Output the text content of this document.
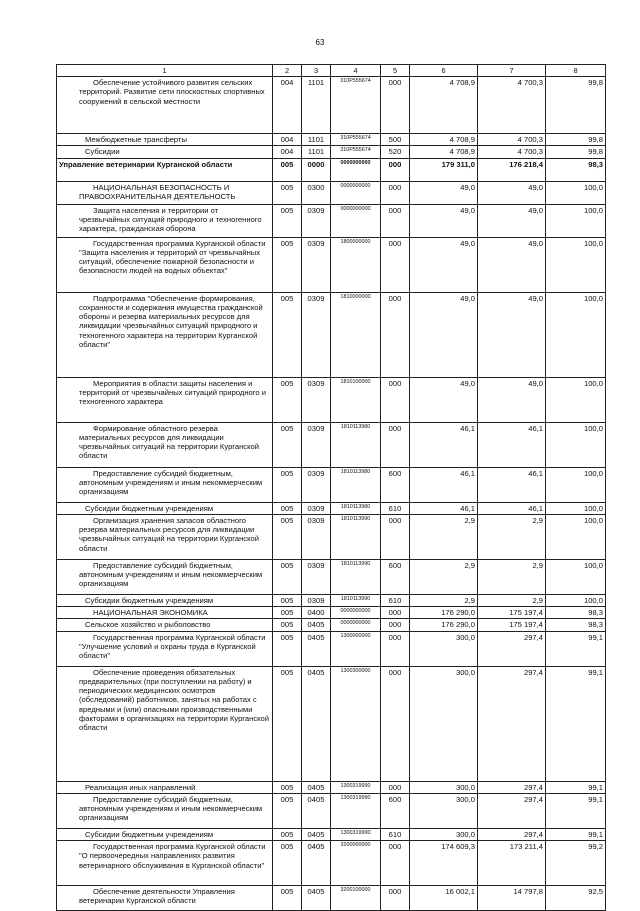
63
1	2	3	4	5	6	7	8
Обеспечение устойчивого развития сельских территорий. Развитие сети плоскостных спортивных сооружений в сельской местности	004	1101	310P555674	000	4 708,9	4 700,3	99,8
Межбюджетные трансферты	004	1101	310P555674	500	4 708,9	4 700,3	99,8
Субсидии	004	1101	310P555674	520	4 708,9	4 700,3	99,8
Управление ветеринарии Курганской области	005	0000	0000000000	000	179 311,0	176 218,4	98,3
НАЦИОНАЛЬНАЯ БЕЗОПАСНОСТЬ И ПРАВООХРАНИТЕЛЬНАЯ ДЕЯТЕЛЬНОСТЬ	005	0300	0000000000	000	49,0	49,0	100,0
Защита населения и территории от чрезвычайных ситуаций природного и техногенного характера, гражданская оборона	005	0309	0000000000	000	49,0	49,0	100,0
Государственная программа Курганской области "Защита населения и территорий от чрезвычайных ситуаций, обеспечение пожарной безопасности и безопасности людей на водных объектах"	005	0309	1800000000	000	49,0	49,0	100,0
Подпрограмма "Обеспечение формирования, сохранности и содержания имущества гражданской обороны и резерва материальных ресурсов для ликвидации чрезвычайных ситуаций природного и техногенного характера на территории Курганской области"	005	0309	1810000000	000	49,0	49,0	100,0
Мероприятия в области защиты населения и территорий от чрезвычайных ситуаций природного и техногенного характера	005	0309	1810100000	000	49,0	49,0	100,0
Формирование областного резерва материальных ресурсов для ликвидации чрезвычайных ситуаций на территории Курганской области	005	0309	1810113980	000	46,1	46,1	100,0
Предоставление субсидий бюджетным, автономным учреждениям и иным некоммерческим организациям	005	0309	1810113980	600	46,1	46,1	100,0
Субсидии бюджетным учреждениям	005	0309	1810113980	610	46,1	46,1	100,0
Организация хранения запасов областного резерва материальных ресурсов для ликвидации чрезвычайных ситуаций на территории Курганской области	005	0309	1810113990	000	2,9	2,9	100,0
Предоставление субсидий бюджетным, автономным учреждениям и иным некоммерческим организациям	005	0309	1810113990	600	2,9	2,9	100,0
Субсидии бюджетным учреждениям	005	0309	1810113990	610	2,9	2,9	100,0
НАЦИОНАЛЬНАЯ ЭКОНОМИКА	005	0400	0000000000	000	176 290,0	175 197,4	98,3
Сельское хозяйство и рыболовство	005	0405	0000000000	000	176 290,0	175 197,4	98,3
Государственная программа Курганской области "Улучшение условий и охраны труда в Курганской области"	005	0405	1300000000	000	300,0	297,4	99,1
Обеспечение проведения обязательных предварительных (при поступлении на работу) и периодических медицинских осмотров (обследований) работников, занятых на работах с вредными и (или) опасными производственными факторами в организациях на территории Курганской области	005	0405	1300300000	000	300,0	297,4	99,1
Реализация иных направлений	005	0405	1300319990	000	300,0	297,4	99,1
Предоставление субсидий бюджетным, автономным учреждениям и иным некоммерческим организациям	005	0405	1300319990	600	300,0	297,4	99,1
Субсидии бюджетным учреждениям	005	0405	1300319990	610	300,0	297,4	99,1
Государственная программа Курганской области "О первоочередных направлениях развития ветеринарного обслуживания в Курганской области"	005	0405	3200000000	000	174 609,3	173 211,4	99,2
Обеспечение деятельности Управления ветеринарии Курганской области	005	0405	3200100000	000	16 002,1	14 797,8	92,5
